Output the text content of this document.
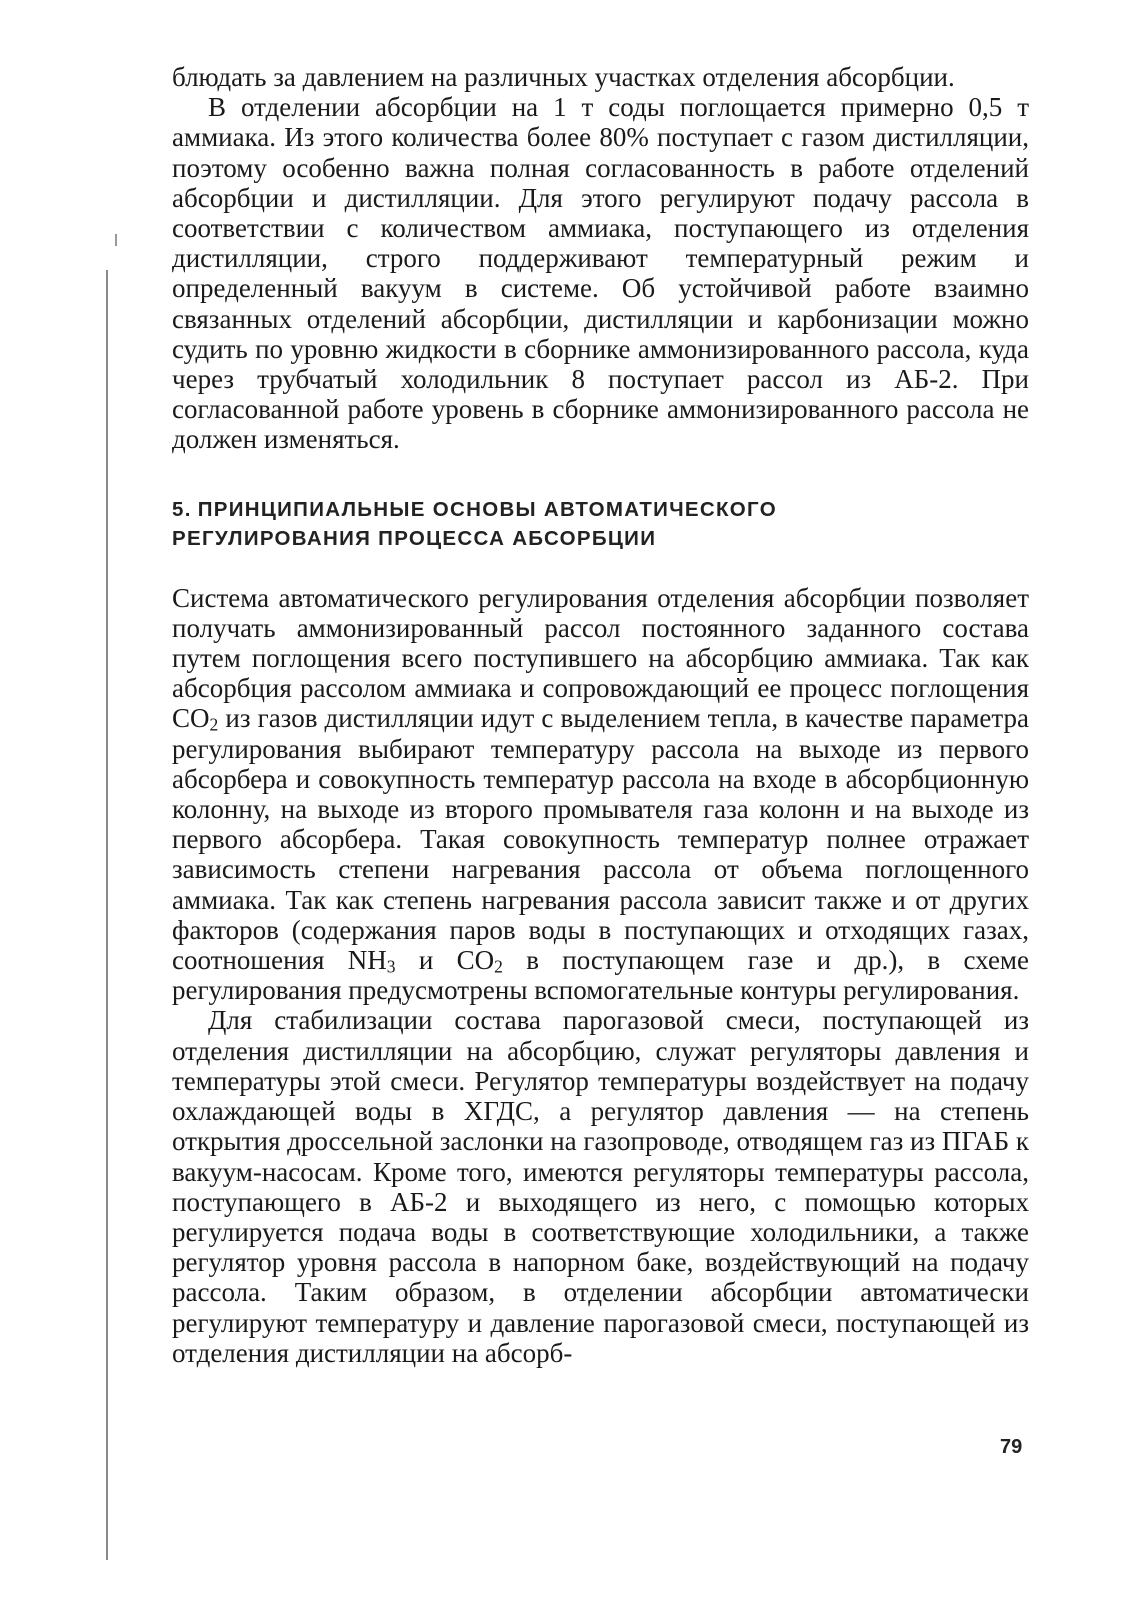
блюдать за давлением на различных участках отделения абсорбции.

В отделении абсорбции на 1 т соды поглощается примерно 0,5 т аммиака. Из этого количества более 80% поступает с газом дистилляции, поэтому особенно важна полная согласованность в работе отделений абсорбции и дистилляции. Для этого регулируют подачу рассола в соответствии с количеством аммиака, поступающего из отделения дистилляции, строго поддерживают температурный режим и определенный вакуум в системе. Об устойчивой работе взаимно связанных отделений абсорбции, дистилляции и карбонизации можно судить по уровню жидкости в сборнике аммонизированного рассола, куда через трубчатый холодильник 8 поступает рассол из АБ-2. При согласованной работе уровень в сборнике аммонизированного рассола не должен изменяться.

5. ПРИНЦИПИАЛЬНЫЕ ОСНОВЫ АВТОМАТИЧЕСКОГО
РЕГУЛИРОВАНИЯ ПРОЦЕССА АБСОРБЦИИ

Система автоматического регулирования отделения абсорбции позволяет получать аммонизированный рассол постоянного заданного состава путем поглощения всего поступившего на абсорбцию аммиака. Так как абсорбция рассолом аммиака и сопровождающий ее процесс поглощения $CO_2$ из газов дистилляции идут с выделением тепла, в качестве параметра регулирования выбирают температуру рассола на выходе из первого абсорбера и совокупность температур рассола на входе в абсорбционную колонну, на выходе из второго промывателя газа колонн и на выходе из первого абсорбера. Такая совокупность температур полнее отражает зависимость степени нагревания рассола от объема поглощенного аммиака. Так как степень нагревания рассола зависит также и от других факторов (содержания паров воды в поступающих и отходящих газах, соотношения $NH_3$ и $CO_2$ в поступающем газе и др.), в схеме регулирования предусмотрены вспомогательные контуры регулирования.

Для стабилизации состава парогазовой смеси, поступающей из отделения дистилляции на абсорбцию, служат регуляторы давления и температуры этой смеси. Регулятор температуры воздействует на подачу охлаждающей воды в ХГДС, а регулятор давления — на степень открытия дроссельной заслонки на газопроводе, отводящем газ из ПГАБ к вакуум-насосам. Кроме того, имеются регуляторы температуры рассола, поступающего в АБ-2 и выходящего из него, с помощью которых регулируется подача воды в соответствующие холодильники, а также регулятор уровня рассола в напорном баке, воздействующий на подачу рассола. Таким образом, в отделении абсорбции автоматически регулируют температуру и давление парогазовой смеси, поступающей из отделения дистилляции на абсорб-

79
